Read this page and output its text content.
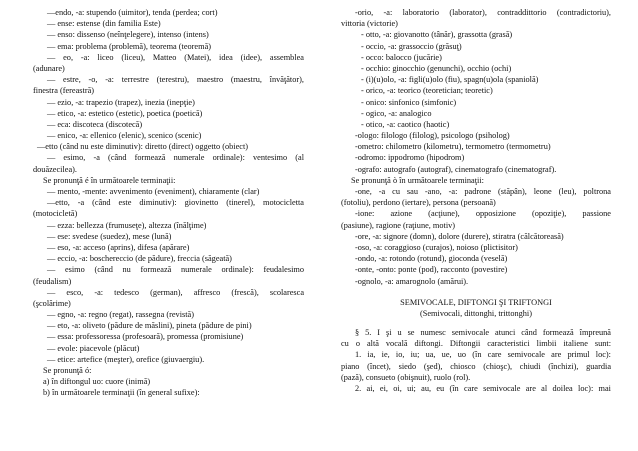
—endo, -a: stupendo (uimitor), tenda (perdea; cort)
— ense: estense (din familia Este)
— enso: dissenso (neînţelegere), intenso (intens)
— ema: problema (problemă), teorema (teoremă)
— eo, -a: liceo (liceu), Matteo (Matei), idea (idee), assemblea
(adunare)
— estre, -o, -a: terrestre (terestru), maestro (maestru, învăţător),
finestra (fereastră)
— ezio, -a: trapezio (trapez), inezia (inepţie)
— etico, -a: estetico (estetic), poetica (poetică)
— eca: discoteca (discotecă)
— enico, -a: ellenico (elenic), scenico (scenic)
—etto (când nu este diminutiv): diretto (direct) oggetto (obiect)
— esimo, -a (când formează numerale ordinale): ventesimo (al
douăzecilea).
Se pronunţă é în următoarele terminaţii:
— mento, -mente: avvenimento (eveniment), chiaramente (clar)
—etto, -a (când este diminutiv): giovinetto (tinerel), motocicletta
(motocicletă)
— ezza: bellezza (frumuseţe), altezza (înălţime)
— ese: svedese (suedez), mese (lună)
— eso, -a: acceso (aprins), difesa (apărare)
— eccio, -a: boschereccio (de pădure), freccia (săgeată)
— esimo (când nu formează numerale ordinale): feudalesimo
(feudalism)
— esco, -a: tedesco (german), affresco (frescă), scolaresca
(şcolărime)
— egno, -a: regno (regat), rassegna (revistă)
— eto, -a: oliveto (pădure de măslini), pineta (pădure de pini)
— essa: professoressa (profesoară), promessa (promisiune)
— evole: piacevole (plăcut)
— etice: artefice (meşter), orefice (giuvaergiu).
Se pronunţă ó:
a) în diftongul uo: cuore (inimă)
b) în următoarele terminaţii (în general sufixe):
-orio, -a: laboratorio (laborator), contraddittorio (contradictoriu),
vittoria (victorie)
- otto, -a: giovanotto (tânăr), grassotta (grasă)
- occio, -a: grassoccio (grăsuţ)
- occo: balocco (jucărie)
- occhio: ginocchio (genunchi), occhio (ochi)
- (i)(u)olo, -a: figli(u)olo (fiu), spagn(u)ola (spaniolă)
- orico, -a: teorico (teoretician; teoretic)
- onico: sinfonico (simfonic)
- ogico, -a: analogico
- otico, -a: caotico (haotic)
-ologo: filologo (filolog), psicologo (psiholog)
-ometro: chilometro (kilometru), termometro (termometru)
-odromo: ippodromo (hipodrom)
-ografo: autografo (autograf), cinematografo (cinematograf).
Se pronunţă ò în următoarele terminaţii:
-one, -a cu sau -ano, -a: padrone (stăpân), leone (leu), poltrona
(fotoliu), perdono (iertare), persona (persoană)
-ione: azione (acţiune), opposizione (opoziţie), passione
(pasiune), ragione (raţiune, motiv)
-ore, -a: signore (domn), dolore (durere), stiratra (călcătoreasă)
-oso, -a: coraggioso (curajos), noioso (plictisitor)
-ondo, -a: rotondo (rotund), gioconda (veselă)
-onte, -onto: ponte (pod), racconto (povestire)
-ognolo, -a: amarognolo (amărui).
SEMIVOCALE, DIFTONGI ŞI TRIFTONGI
(Semivocali, dittonghi, trittonghi)
§ 5. I şi u se numesc semivocale atunci când formează împreună
cu o altă vocală diftongi. Diftongii caracteristici limbii italiene sunt:
1. ia, ie, io, iu; ua, ue, uo (în care semivocale are primul loc):
piano (încet), siedo (şed), chiosco (chioşc), chiudi (închizi), guardia
(pază), consueto (obişnuit), ruolo (rol).
2. ai, ei, oi, ui; au, eu (în care semivocale are al doilea loc): mai
